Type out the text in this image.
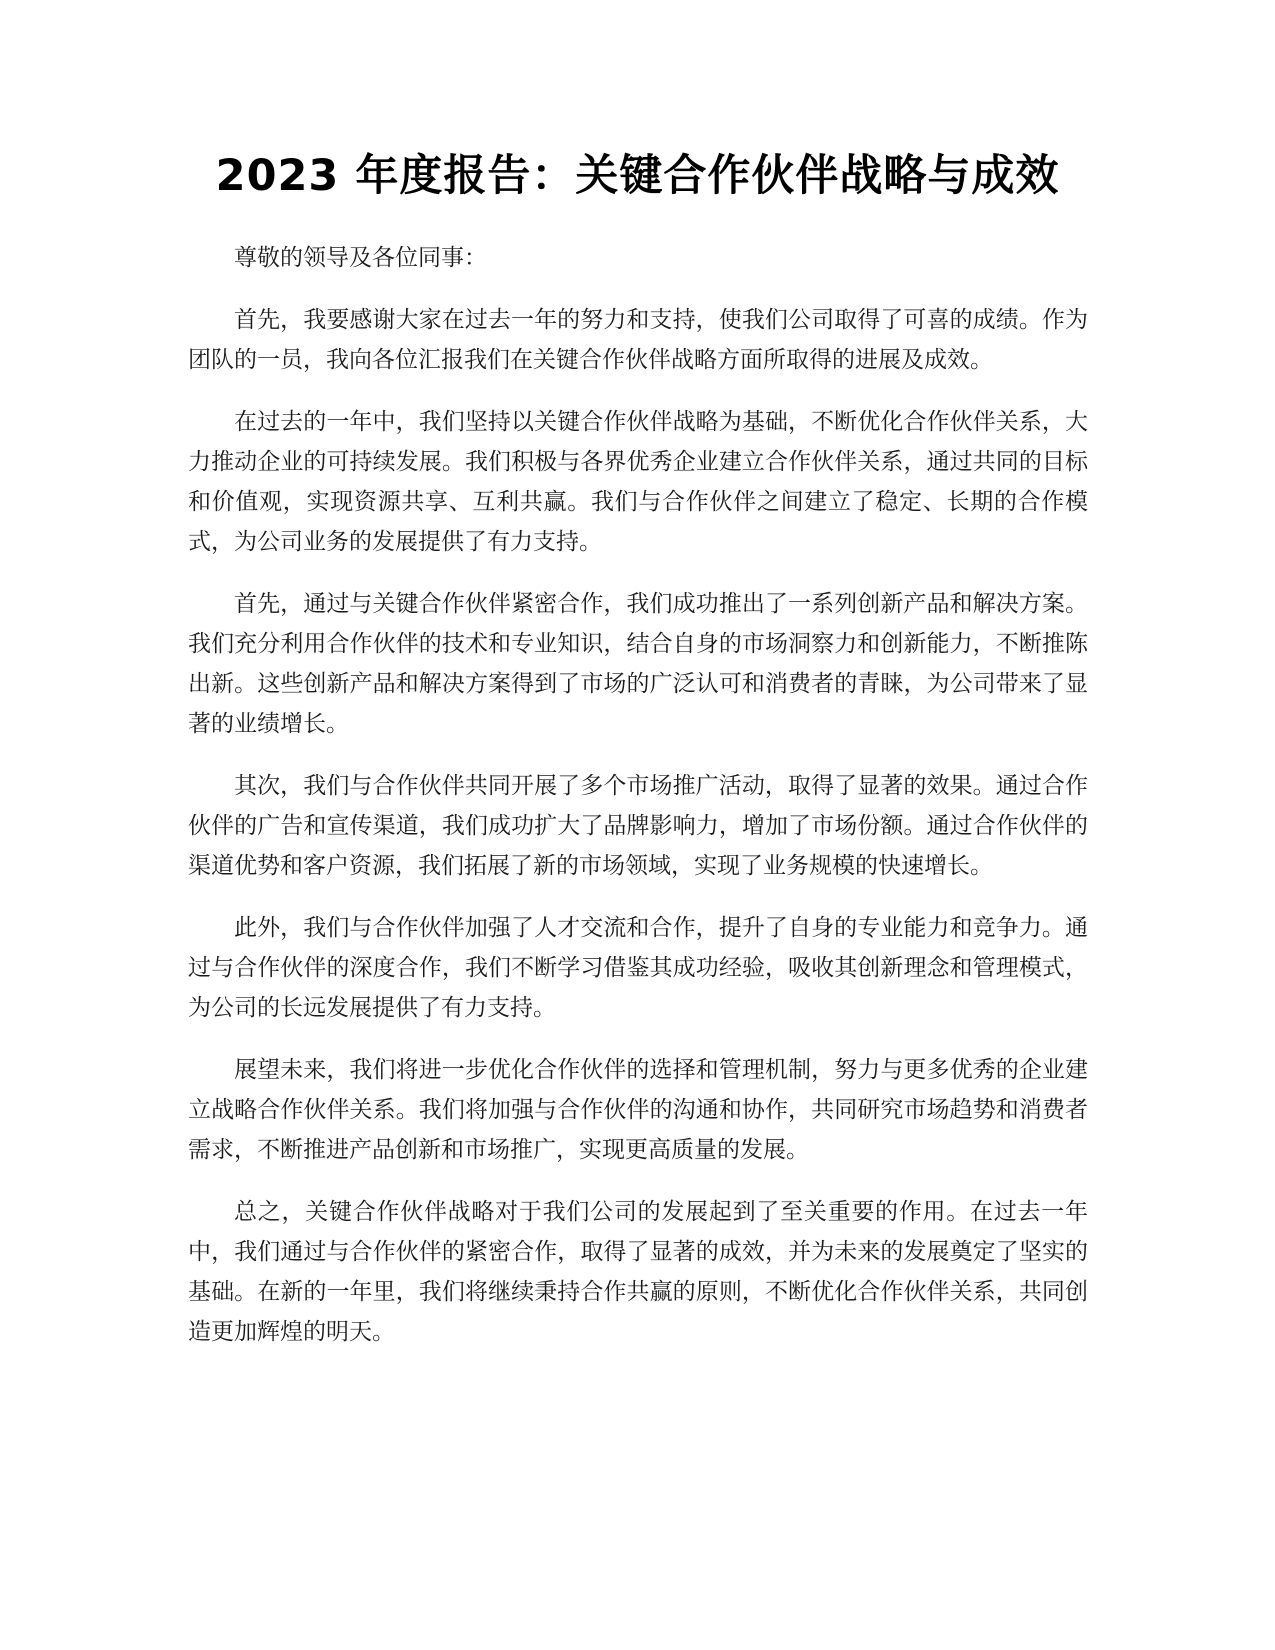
2023 年度报告：关键合作伙伴战略与成效

尊敬的领导及各位同事：

首先，我要感谢大家在过去一年的努力和支持，使我们公司取得了可喜的成绩。作为团队的一员，我向各位汇报我们在关键合作伙伴战略方面所取得的进展及成效。

在过去的一年中，我们坚持以关键合作伙伴战略为基础，不断优化合作伙伴关系，大力推动企业的可持续发展。我们积极与各界优秀企业建立合作伙伴关系，通过共同的目标和价值观，实现资源共享、互利共赢。我们与合作伙伴之间建立了稳定、长期的合作模式，为公司业务的发展提供了有力支持。

首先，通过与关键合作伙伴紧密合作，我们成功推出了一系列创新产品和解决方案。我们充分利用合作伙伴的技术和专业知识，结合自身的市场洞察力和创新能力，不断推陈出新。这些创新产品和解决方案得到了市场的广泛认可和消费者的青睐，为公司带来了显著的业绩增长。

其次，我们与合作伙伴共同开展了多个市场推广活动，取得了显著的效果。通过合作伙伴的广告和宣传渠道，我们成功扩大了品牌影响力，增加了市场份额。通过合作伙伴的渠道优势和客户资源，我们拓展了新的市场领域，实现了业务规模的快速增长。

此外，我们与合作伙伴加强了人才交流和合作，提升了自身的专业能力和竞争力。通过与合作伙伴的深度合作，我们不断学习借鉴其成功经验，吸收其创新理念和管理模式，为公司的长远发展提供了有力支持。

展望未来，我们将进一步优化合作伙伴的选择和管理机制，努力与更多优秀的企业建立战略合作伙伴关系。我们将加强与合作伙伴的沟通和协作，共同研究市场趋势和消费者需求，不断推进产品创新和市场推广，实现更高质量的发展。

总之，关键合作伙伴战略对于我们公司的发展起到了至关重要的作用。在过去一年中，我们通过与合作伙伴的紧密合作，取得了显著的成效，并为未来的发展奠定了坚实的基础。在新的一年里，我们将继续秉持合作共赢的原则，不断优化合作伙伴关系，共同创造更加辉煌的明天。
